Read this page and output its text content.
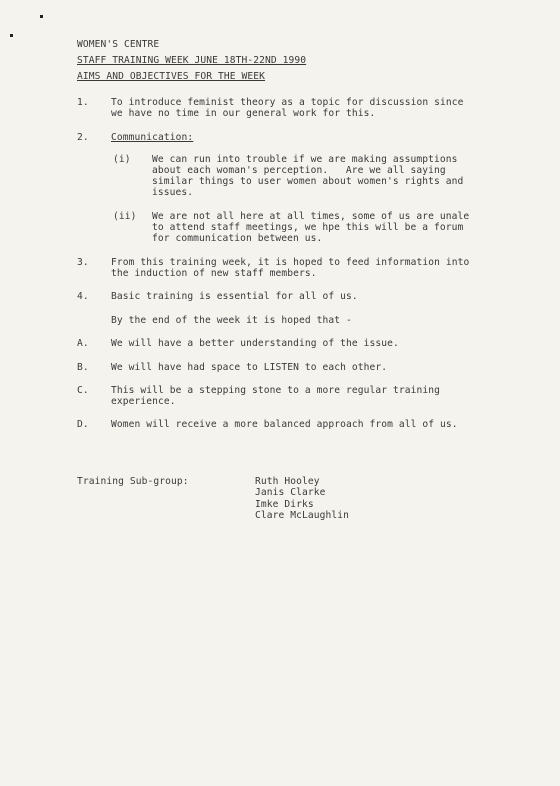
WOMEN'S CENTRE
STAFF TRAINING WEEK JUNE 18TH-22ND 1990
AIMS AND OBJECTIVES FOR THE WEEK
1. To introduce feminist theory as a topic for discussion since
we have no time in our general work for this.
2. Communication:
(i) We can run into trouble if we are making assumptions
about each woman's perception.   Are we all saying
similar things to user women about women's rights and
issues.
(ii) We are not all here at all times, some of us are unale
to attend staff meetings, we hpe this will be a forum
for communication between us.
3. From this training week, it is hoped to feed information into
the induction of new staff members.
4. Basic training is essential for all of us.
By the end of the week it is hoped that -
A. We will have a better understanding of the issue.
B. We will have had space to LISTEN to each other.
C. This will be a stepping stone to a more regular training
experience.
D. Women will receive a more balanced approach from all of us.
Training Sub-group:	Ruth Hooley
Janis Clarke
Imke Dirks
Clare McLaughlin
